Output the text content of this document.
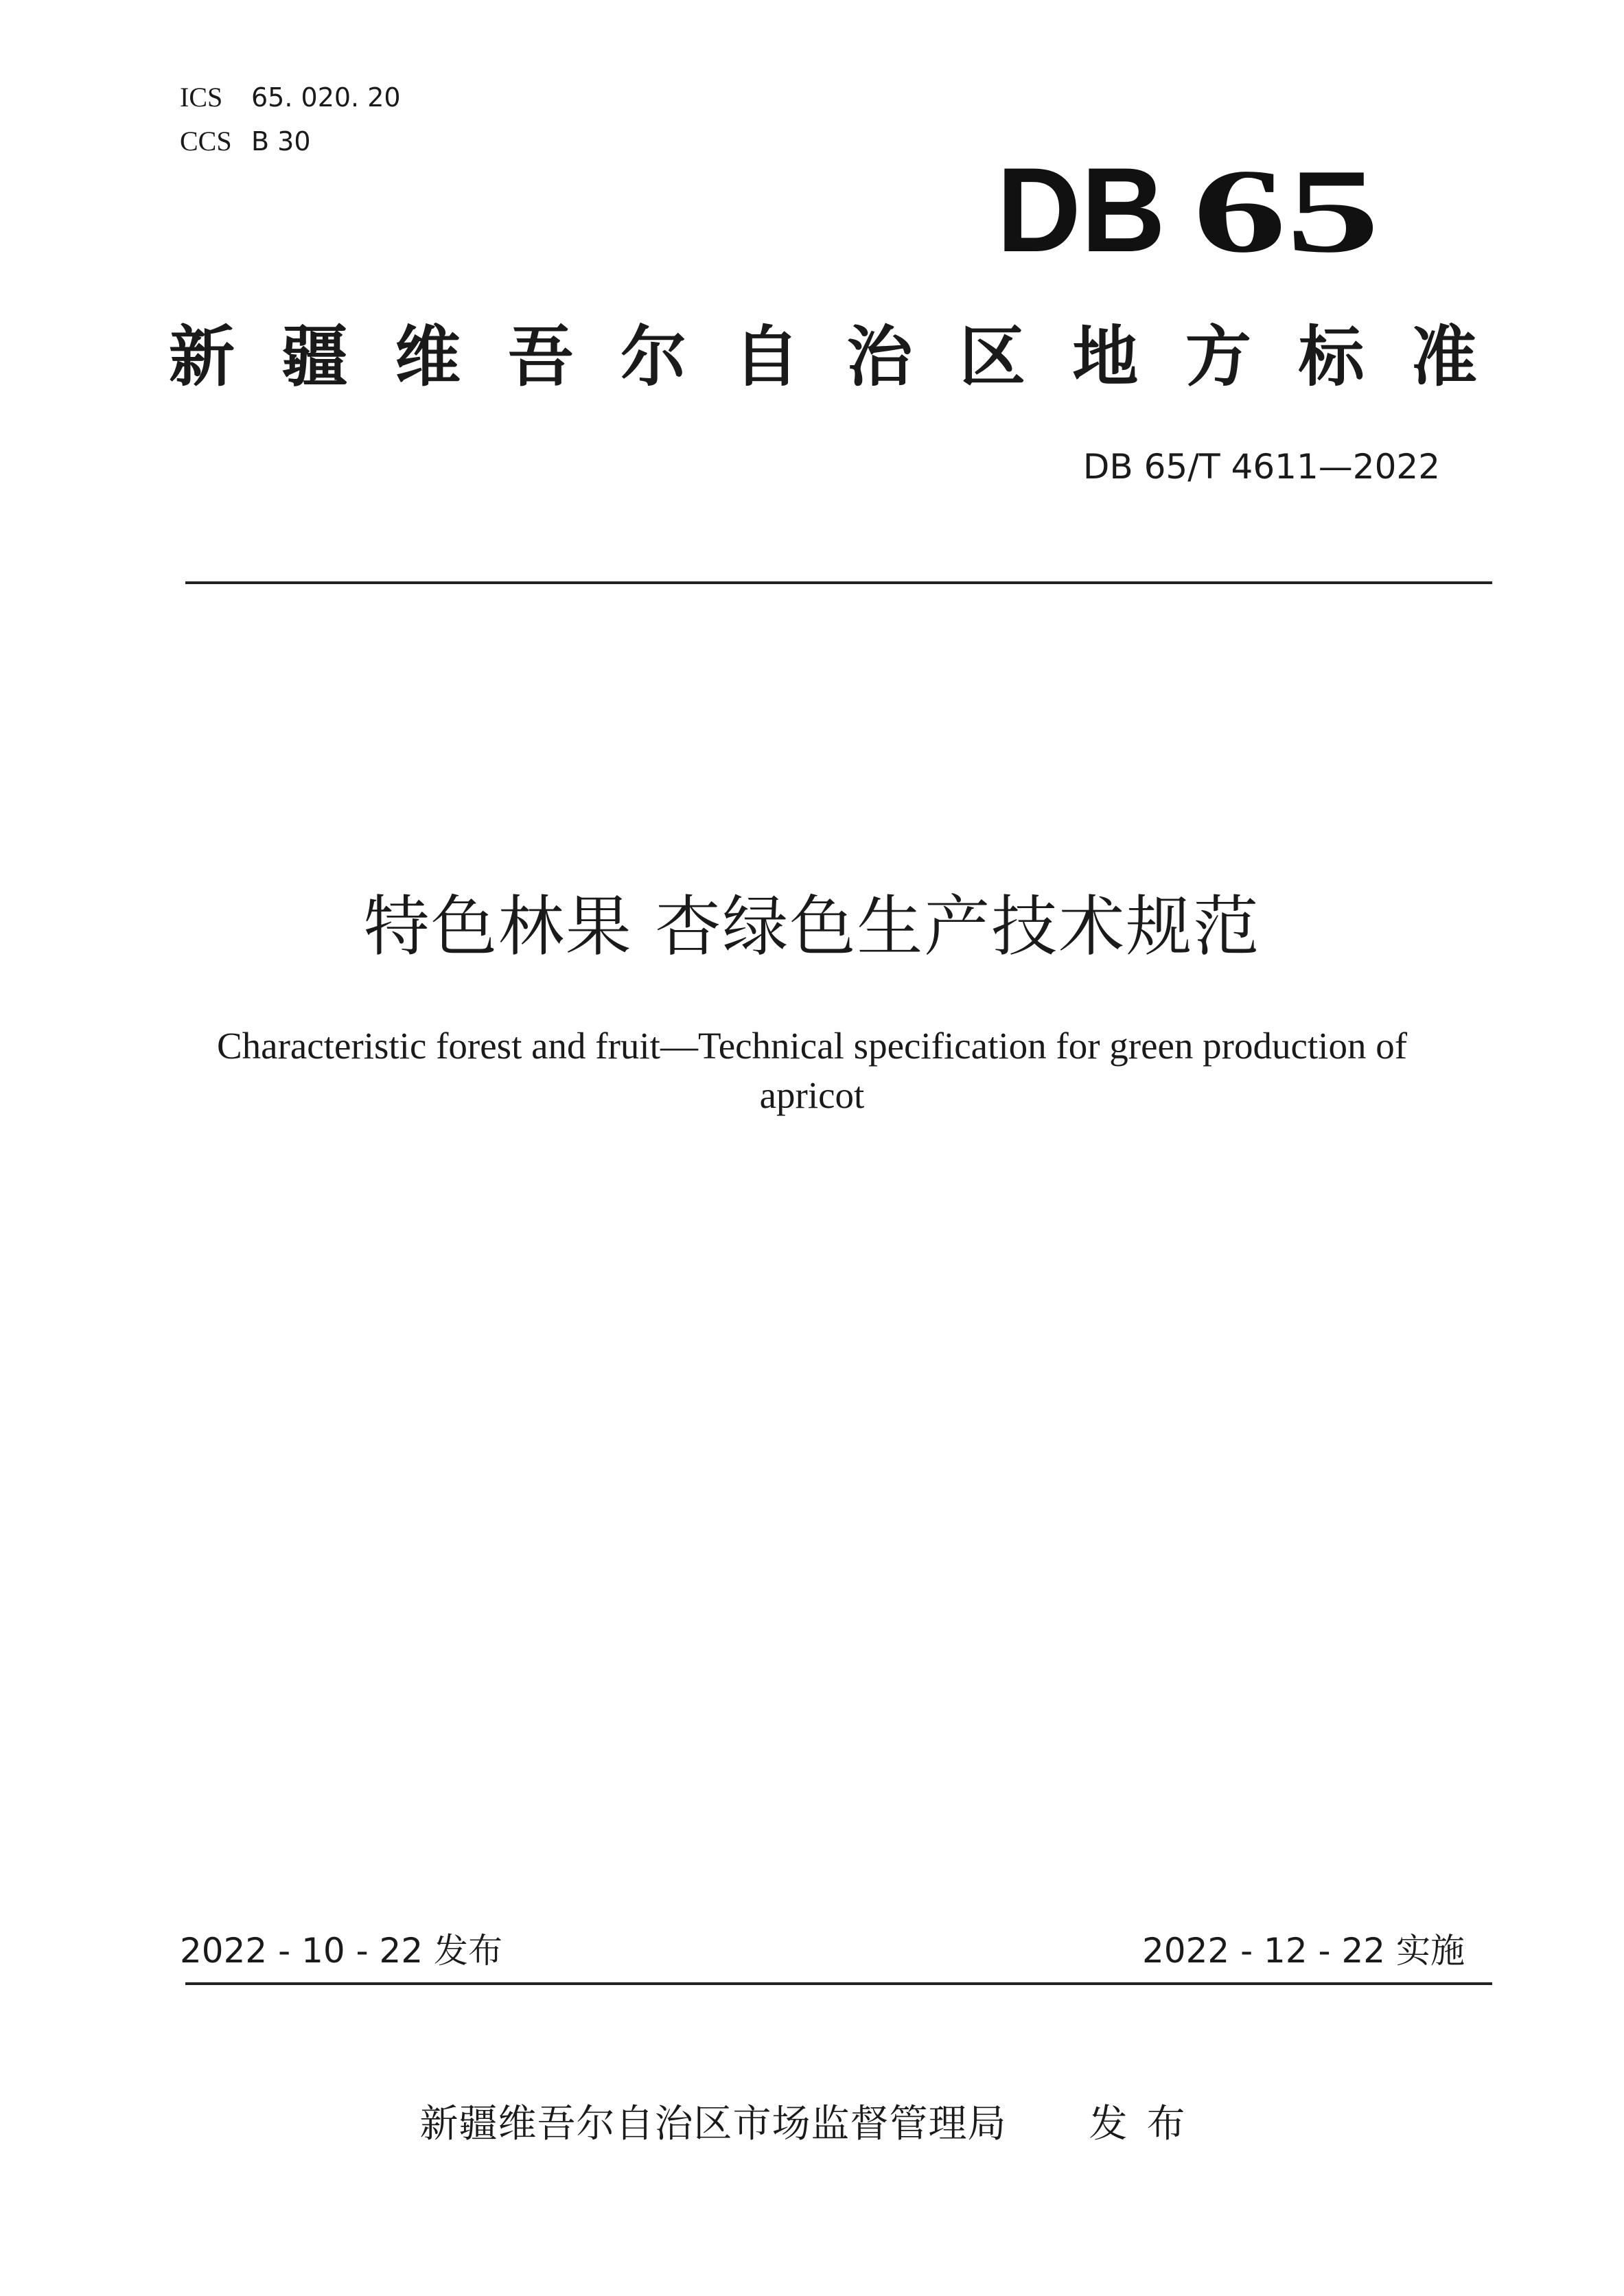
ICS 65. 020. 20
CCS B 30
DB 65
新 疆 维 吾 尔 自 治 区 地 方 标 准
DB 65/T 4611—2022
特色林果 杏绿色生产技术规范
Characteristic forest and fruit—Technical specification for green production of apricot
2022 - 10 - 22 发布	2022 - 12 - 22 实施
新疆维吾尔自治区市场监督管理局 发布
